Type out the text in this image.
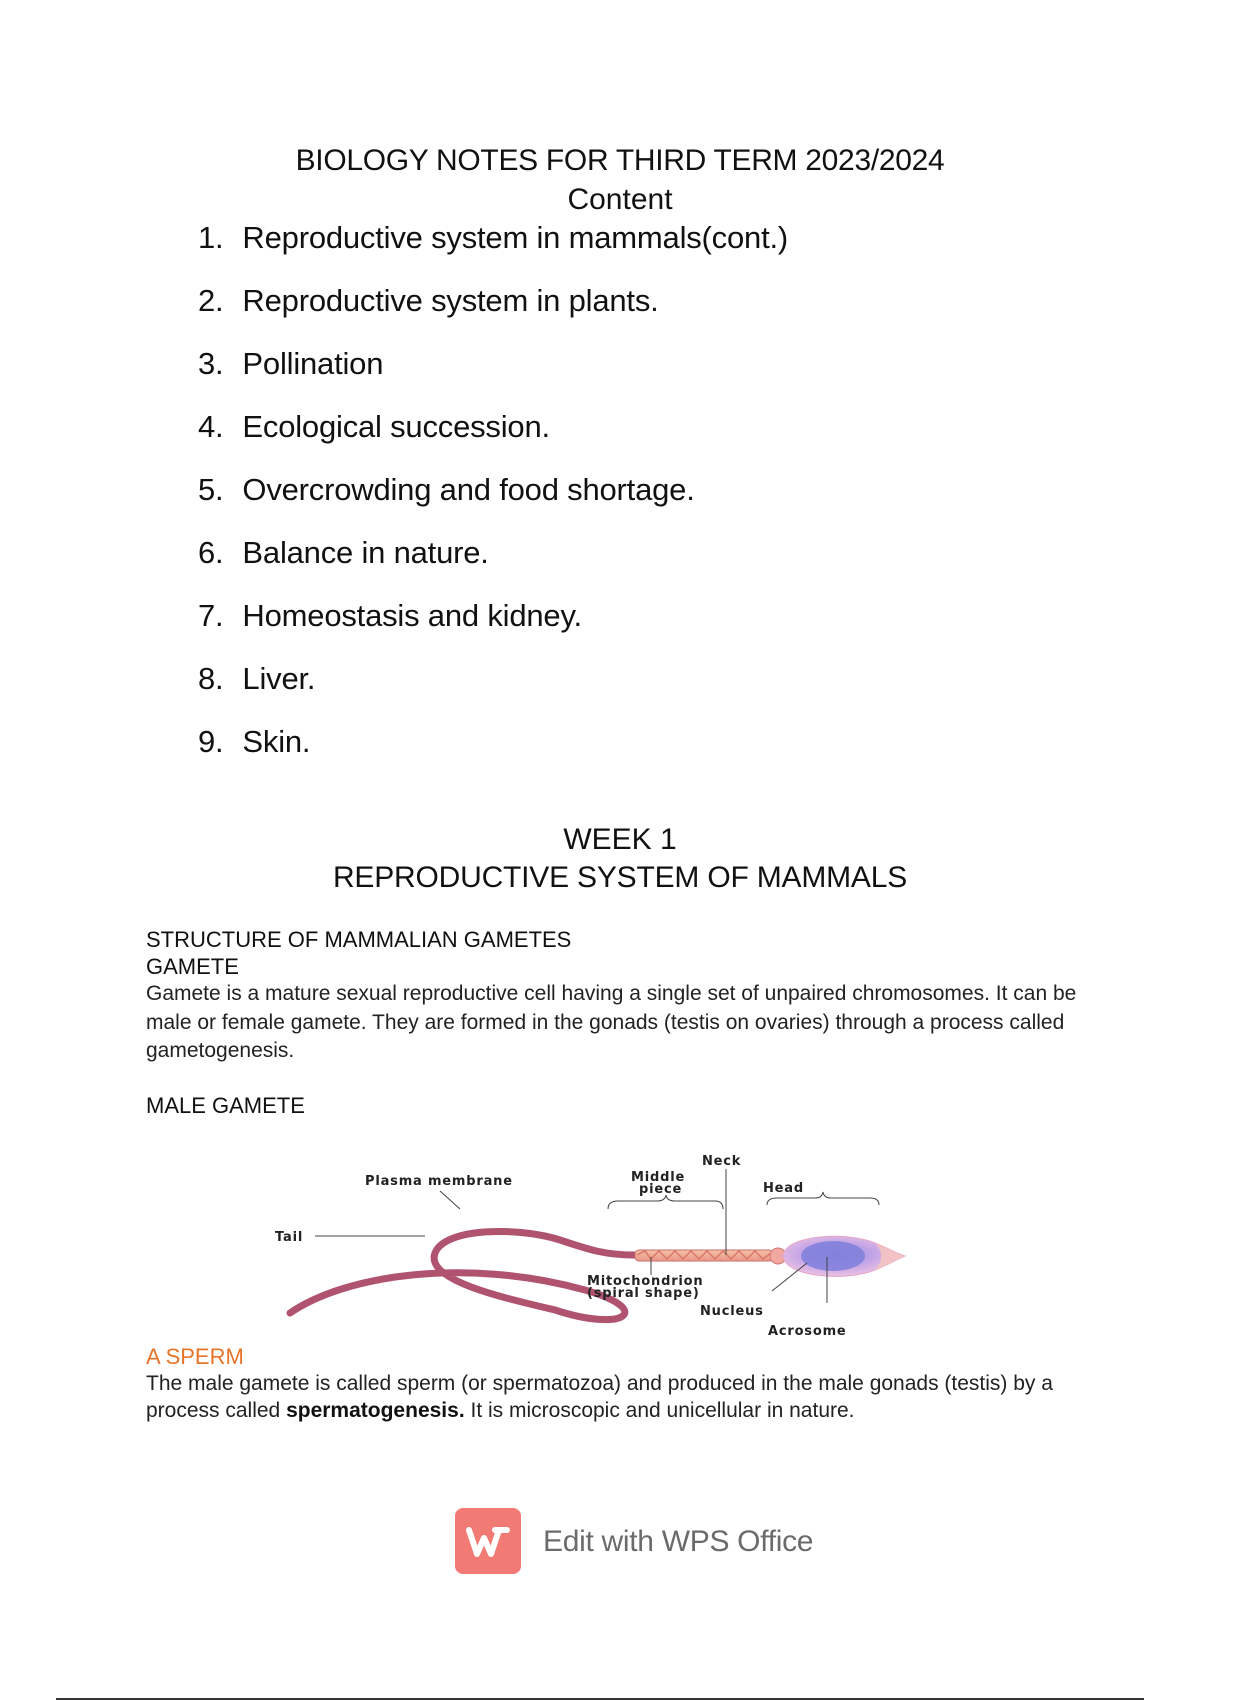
BIOLOGY NOTES FOR THIRD TERM 2023/2024
Content
1. Reproductive system in mammals(cont.)
2. Reproductive system in plants.
3. Pollination
4. Ecological succession.
5. Overcrowding and food shortage.
6. Balance in nature.
7. Homeostasis and kidney.
8. Liver.
9. Skin.
WEEK 1
REPRODUCTIVE SYSTEM OF MAMMALS
STRUCTURE OF MAMMALIAN GAMETES
GAMETE
Gamete is a mature sexual reproductive cell having a single set of unpaired chromosomes. It can be male or female gamete. They are formed in the gonads (testis on ovaries) through a process called gametogenesis.
MALE GAMETE
Tail
Plasma membrane	Middle
piece
Neck
Head
Mitochondrion
(spiral shape)
Nucleus
Acrosome
A SPERM
The male gamete is called sperm (or spermatozoa) and produced in the male gonads (testis) by a process called spermatogenesis. It is microscopic and unicellular in nature.
Edit with WPS Office
